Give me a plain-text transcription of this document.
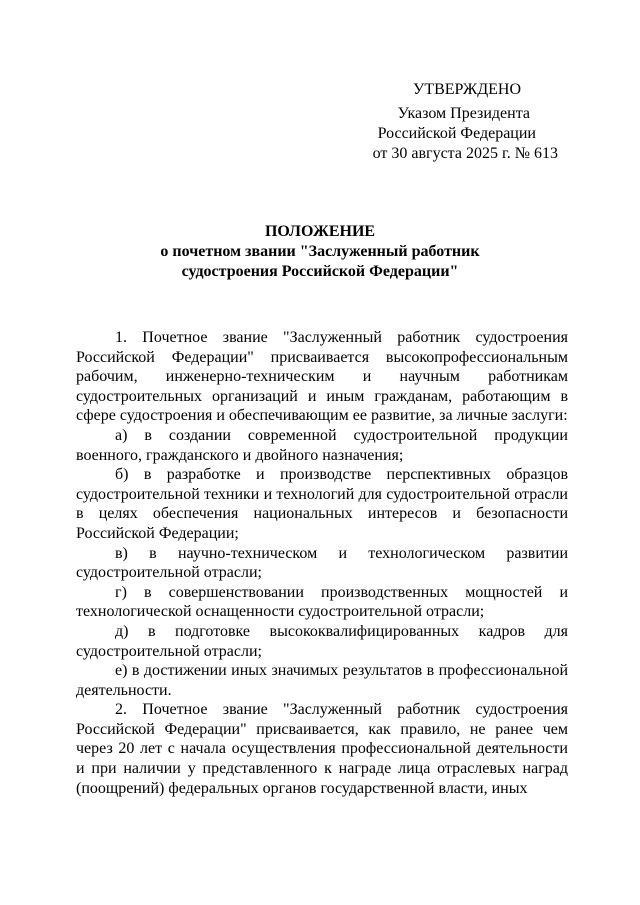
УТВЕРЖДЕНО
Указом Президента
Российской Федерации
от 30 августа 2025 г. № 613
ПОЛОЖЕНИЕ
о почетном звании "Заслуженный работник
судостроения Российской Федерации"

1. Почетное звание "Заслуженный работник судостроения Российской Федерации" присваивается высокопрофессиональным рабочим, инженерно-техническим и научным работникам судостроительных организаций и иным гражданам, работающим в сфере судостроения и обеспечивающим ее развитие, за личные заслуги:

а) в создании современной судостроительной продукции военного, гражданского и двойного назначения;

б) в разработке и производстве перспективных образцов судостроительной техники и технологий для судостроительной отрасли в целях обеспечения национальных интересов и безопасности Российской Федерации;

в) в научно-техническом и технологическом развитии судостроительной отрасли;

г) в совершенствовании производственных мощностей и технологической оснащенности судостроительной отрасли;

д) в подготовке высококвалифицированных кадров для судостроительной отрасли;

е) в достижении иных значимых результатов в профессиональной деятельности.

2. Почетное звание "Заслуженный работник судостроения Российской Федерации" присваивается, как правило, не ранее чем через 20 лет с начала осуществления профессиональной деятельности и при наличии у представленного к награде лица отраслевых наград (поощрений) федеральных органов государственной власти, иных
